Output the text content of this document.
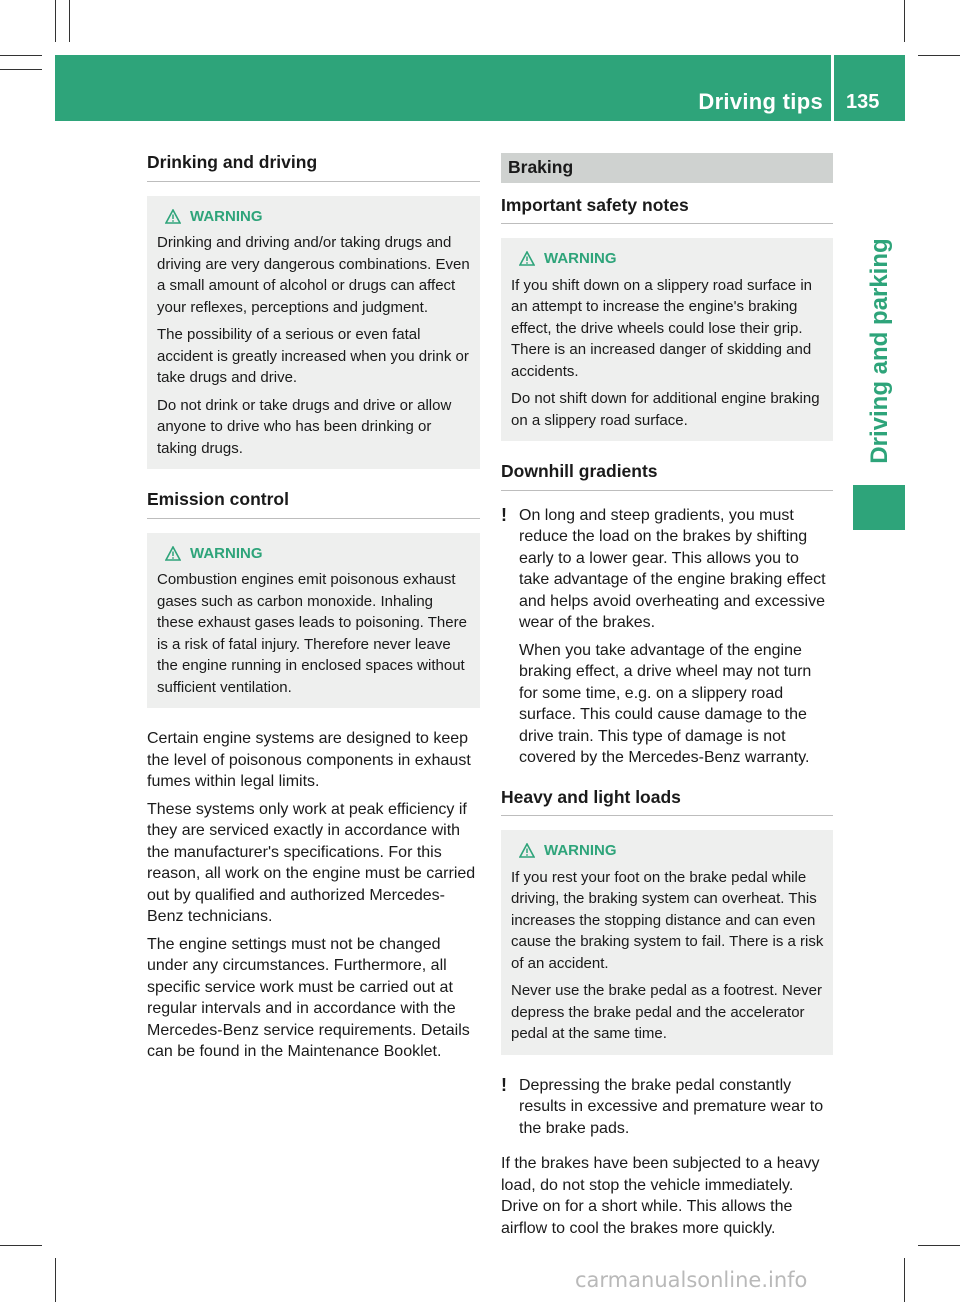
Driving tips 135
Driving and parking
Drinking and driving
WARNING

Drinking and driving and/or taking drugs and driving are very dangerous combinations. Even a small amount of alcohol or drugs can affect your reflexes, perceptions and judgment.

The possibility of a serious or even fatal accident is greatly increased when you drink or take drugs and drive.

Do not drink or take drugs and drive or allow anyone to drive who has been drinking or taking drugs.

Emission control
WARNING

Combustion engines emit poisonous exhaust gases such as carbon monoxide. Inhaling these exhaust gases leads to poisoning. There is a risk of fatal injury. Therefore never leave the engine running in enclosed spaces without sufficient ventilation.

Certain engine systems are designed to keep the level of poisonous components in exhaust fumes within legal limits.

These systems only work at peak efficiency if they are serviced exactly in accordance with the manufacturer's specifications. For this reason, all work on the engine must be carried out by qualified and authorized Mercedes-Benz technicians.

The engine settings must not be changed under any circumstances. Furthermore, all specific service work must be carried out at regular intervals and in accordance with the Mercedes-Benz service requirements. Details can be found in the Maintenance Booklet.

Braking
Important safety notes
WARNING

If you shift down on a slippery road surface in an attempt to increase the engine's braking effect, the drive wheels could lose their grip. There is an increased danger of skidding and accidents.

Do not shift down for additional engine braking on a slippery road surface.

Downhill gradients
! On long and steep gradients, you must reduce the load on the brakes by shifting early to a lower gear. This allows you to take advantage of the engine braking effect and helps avoid overheating and excessive wear of the brakes.

When you take advantage of the engine braking effect, a drive wheel may not turn for some time, e.g. on a slippery road surface. This could cause damage to the drive train. This type of damage is not covered by the Mercedes-Benz warranty.

Heavy and light loads
WARNING

If you rest your foot on the brake pedal while driving, the braking system can overheat. This increases the stopping distance and can even cause the braking system to fail. There is a risk of an accident.

Never use the brake pedal as a footrest. Never depress the brake pedal and the accelerator pedal at the same time.

! Depressing the brake pedal constantly results in excessive and premature wear to the brake pads.

If the brakes have been subjected to a heavy load, do not stop the vehicle immediately. Drive on for a short while. This allows the airflow to cool the brakes more quickly.

carmanualsonline.info
